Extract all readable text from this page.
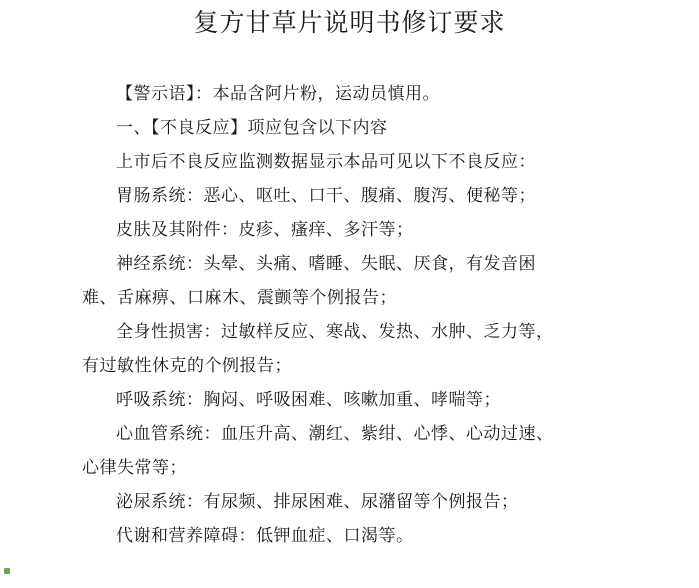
复方甘草片说明书修订要求
【警示语】：本品含阿片粉，运动员慎用。
一、【不良反应】项应包含以下内容
上市后不良反应监测数据显示本品可见以下不良反应：
胃肠系统：恶心、呕吐、口干、腹痛、腹泻、便秘等；
皮肤及其附件：皮疹、瘙痒、多汗等；
神经系统：头晕、头痛、嗜睡、失眠、厌食，有发音困
难、舌麻痹、口麻木、震颤等个例报告；
全身性损害：过敏样反应、寒战、发热、水肿、乏力等，
有过敏性休克的个例报告；
呼吸系统：胸闷、呼吸困难、咳嗽加重、哮喘等；
心血管系统：血压升高、潮红、紫绀、心悸、心动过速、
心律失常等；
泌尿系统：有尿频、排尿困难、尿潴留等个例报告；
代谢和营养障碍：低钾血症、口渴等。
